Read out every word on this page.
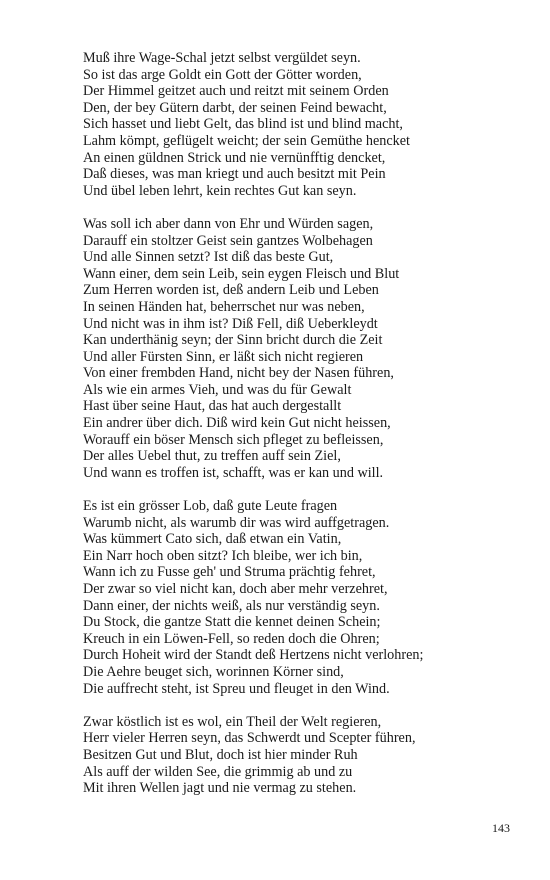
Muß ihre Wage-Schal jetzt selbst vergüldet seyn.
So ist das arge Goldt ein Gott der Götter worden,
Der Himmel geitzet auch und reitzt mit seinem Orden
Den, der bey Gütern darbt, der seinen Feind bewacht,
Sich hasset und liebt Gelt, das blind ist und blind macht,
Lahm kömpt, geflügelt weicht; der sein Gemüthe hencket
An einen güldnen Strick und nie vernünfftig dencket,
Daß dieses, was man kriegt und auch besitzt mit Pein
Und übel leben lehrt, kein rechtes Gut kan seyn.
Was soll ich aber dann von Ehr und Würden sagen,
Darauff ein stoltzer Geist sein gantzes Wolbehagen
Und alle Sinnen setzt? Ist diß das beste Gut,
Wann einer, dem sein Leib, sein eygen Fleisch und Blut
Zum Herren worden ist, deß andern Leib und Leben
In seinen Händen hat, beherrschet nur was neben,
Und nicht was in ihm ist? Diß Fell, diß Ueberkleydt
Kan underthänig seyn; der Sinn bricht durch die Zeit
Und aller Fürsten Sinn, er läßt sich nicht regieren
Von einer frembden Hand, nicht bey der Nasen führen,
Als wie ein armes Vieh, und was du für Gewalt
Hast über seine Haut, das hat auch dergestallt
Ein andrer über dich. Diß wird kein Gut nicht heissen,
Worauff ein böser Mensch sich pfleget zu befleissen,
Der alles Uebel thut, zu treffen auff sein Ziel,
Und wann es troffen ist, schafft, was er kan und will.
Es ist ein grösser Lob, daß gute Leute fragen
Warumb nicht, als warumb dir was wird auffgetragen.
Was kümmert Cato sich, daß etwan ein Vatin,
Ein Narr hoch oben sitzt? Ich bleibe, wer ich bin,
Wann ich zu Fusse geh' und Struma prächtig fehret,
Der zwar so viel nicht kan, doch aber mehr verzehret,
Dann einer, der nichts weiß, als nur verständig seyn.
Du Stock, die gantze Statt die kennet deinen Schein;
Kreuch in ein Löwen-Fell, so reden doch die Ohren;
Durch Hoheit wird der Standt deß Hertzens nicht verlohren;
Die Aehre beuget sich, worinnen Körner sind,
Die auffrecht steht, ist Spreu und fleuget in den Wind.
Zwar köstlich ist es wol, ein Theil der Welt regieren,
Herr vieler Herren seyn, das Schwerdt und Scepter führen,
Besitzen Gut und Blut, doch ist hier minder Ruh
Als auff der wilden See, die grimmig ab und zu
Mit ihren Wellen jagt und nie vermag zu stehen.
143
